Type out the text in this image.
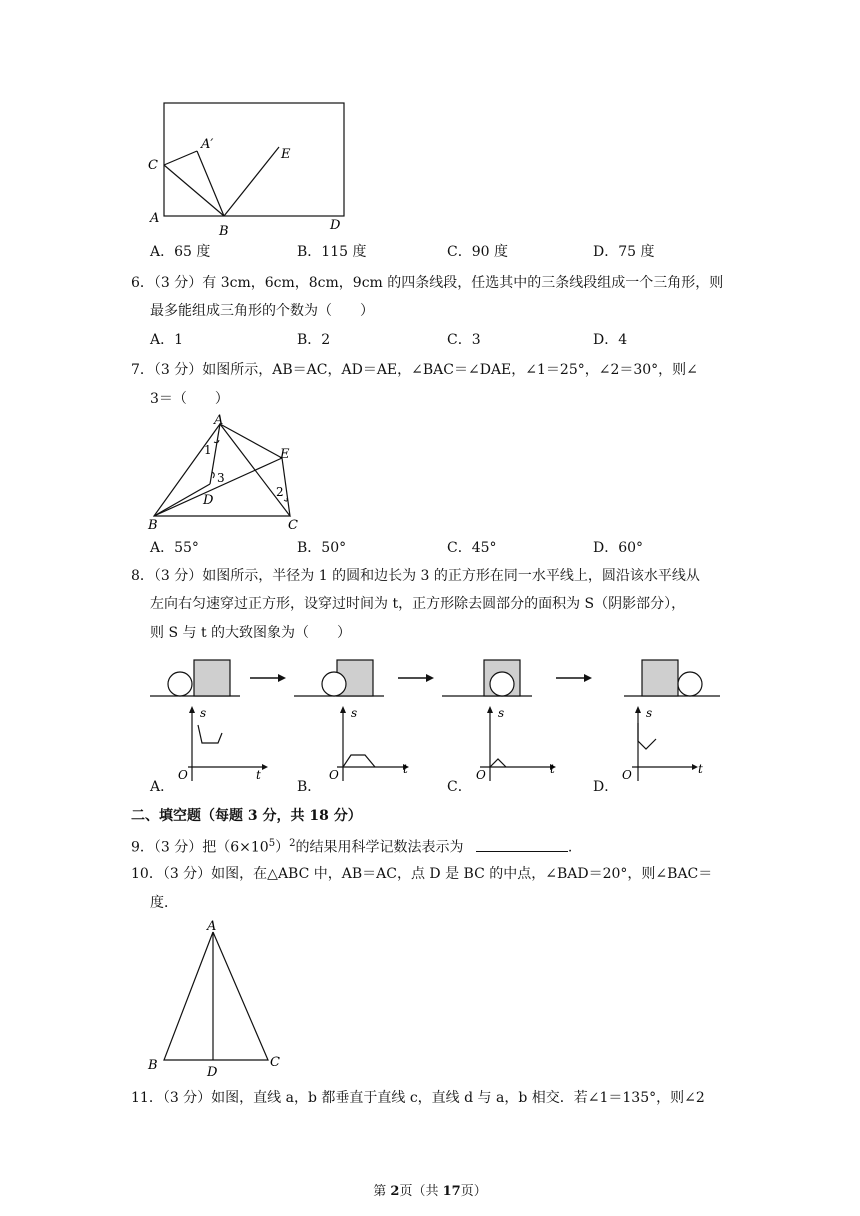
A′
C
E
A
B	D
A．65 度	B．115 度	C．90 度	D．75 度
6．（3 分）有 3cm，6cm，8cm，9cm 的四条线段，任选其中的三条线段组成一个三角形，则
最多能组成三角形的个数为（　　）
A．1	B．2	C．3	D．4
7．（3 分）如图所示，AB＝AC，AD＝AE，∠BAC＝∠DAE，∠1＝25°，∠2＝30°，则∠
3＝（　　）
A
E
1
3
D
2
B	C
A．55°	B．50°	C．45°	D．60°
8．（3 分）如图所示，半径为 1 的圆和边长为 3 的正方形在同一水平线上，圆沿该水平线从
左向右匀速穿过正方形，设穿过时间为 t，正方形除去圆部分的面积为 S（阴影部分），
则 S 与 t 的大致图象为（　　）
s
t
O
s
t
O
s
t
O
s
t
O
A．	B．	C．	D．
二、填空题（每题 3 分，共 18 分）
9．（3 分）把$(6\times 10^5)^2$的结果用科学记数法表示为	.
10．（3 分）如图，在△ABC 中，AB＝AC，点 D 是 BC 的中点，∠BAD＝20°，则∠BAC＝
度．
A
B	C
D
11．（3 分）如图，直线 a，b 都垂直于直线 c，直线 d 与 a，b 相交．若∠1＝135°，则∠2
第 2页（共 17页）
